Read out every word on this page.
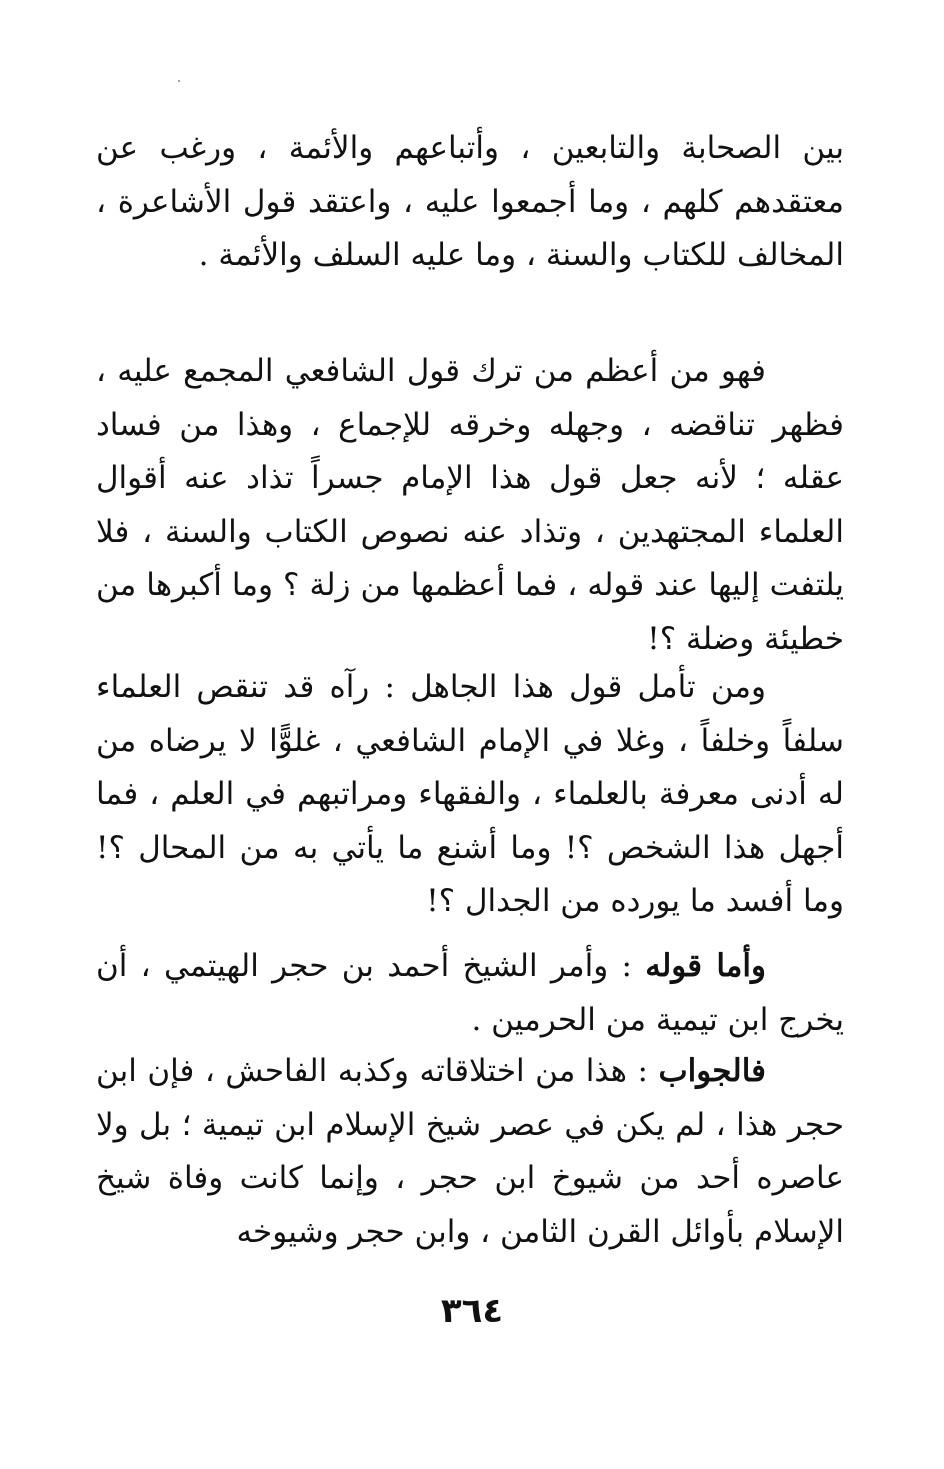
بين الصحابة والتابعين ، وأتباعهم والأئمة ، ورغب عن معتقدهم كلهم ، وما أجمعوا عليه ، واعتقد قول الأشاعرة ، المخالف للكتاب والسنة ، وما عليه السلف والأئمة .

فهو من أعظم من ترك قول الشافعي المجمع عليه ، فظهر تناقضه ، وجهله وخرقه للإجماع ، وهذا من فساد عقله ؛ لأنه جعل قول هذا الإمام جسراً تذاد عنه أقوال العلماء المجتهدين ، وتذاد عنه نصوص الكتاب والسنة ، فلا يلتفت إليها عند قوله ، فما أعظمها من زلة ؟ وما أكبرها من خطيئة وضلة ؟!

ومن تأمل قول هذا الجاهل : رآه قد تنقص العلماء سلفاً وخلفاً ، وغلا في الإمام الشافعي ، غلوًّا لا يرضاه من له أدنى معرفة بالعلماء ، والفقهاء ومراتبهم في العلم ، فما أجهل هذا الشخص ؟! وما أشنع ما يأتي به من المحال ؟! وما أفسد ما يورده من الجدال ؟!

وأما قوله : وأمر الشيخ أحمد بن حجر الهيتمي ، أن يخرج ابن تيمية من الحرمين .

فالجواب : هذا من اختلاقاته وكذبه الفاحش ، فإن ابن حجر هذا ، لم يكن في عصر شيخ الإسلام ابن تيمية ؛ بل ولا عاصره أحد من شيوخ ابن حجر ، وإنما كانت وفاة شيخ الإسلام بأوائل القرن الثامن ، وابن حجر وشيوخه

٣٦٤
